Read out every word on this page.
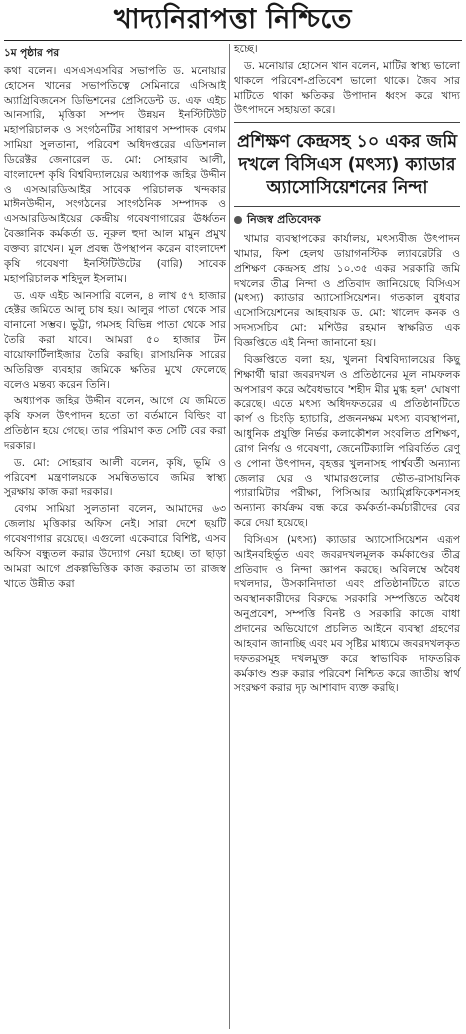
খাদ্যনিরাপত্তা নিশ্চিতে
১ম পৃষ্ঠার পর

কথা বলেন। এসএসএসবির সভাপতি ড. মনোয়ার হোসেন খানের সভাপতিত্বে সেমিনারে এসিআই অ্যাগ্রিবিজনেস ডিভিশনের প্রেসিডেন্ট ড. এফ এইচ আনসারি, মৃত্তিকা সম্পদ উন্নয়ন ইনস্টিটিউট মহাপরিচালক ও সংগঠনটির সাধারণ সম্পাদক বেগম সামিয়া সুলতানা, পরিবেশ অধিদপ্তরের এডিশনাল ডিরেক্টর জেনারেল ড. মো: সোহরাব আলী, বাংলাদেশ কৃষি বিশ্ববিদ্যালয়ের অধ্যাপক জহির উদ্দীন ও এসআরডিআইর সাবেক পরিচালক খন্দকার মাঈনউদ্দীন, সংগঠনের সাংগঠনিক সম্পাদক ও এসআরডিআইয়ের কেন্দ্রীয় গবেষণাগারের ঊর্ধ্বতন বৈজ্ঞানিক কর্মকর্তা ড. নূরুল হুদা আল মামুন প্রমুখ বক্তব্য রাখেন। মূল প্রবন্ধ উপস্থাপন করেন বাংলাদেশ কৃষি গবেষণা ইনস্টিটিউটের (বারি) সাবেক মহাপরিচালক শহিদুল ইসলাম।

ড. এফ এইচ আনসারি বলেন, ৪ লাখ ৫৭ হাজার হেক্টর জমিতে আলু চাষ হয়। আলুর পাতা থেকে সার বানানো সম্ভব। ভুট্টা, গমসহ বিভিন্ন পাতা থেকে সার তৈরি করা যাবে। আমরা ৫০ হাজার টন বায়োফার্টিলাইজার তৈরি করছি। রাসায়নিক সারের অতিরিক্ত ব্যবহার জমিকে ক্ষতির মুখে ফেলেছে বলেও মন্তব্য করেন তিনি।

অধ্যাপক জহির উদ্দীন বলেন, আগে যে জমিতে কৃষি ফসল উৎপাদন হতো তা বর্তমানে বিল্ডিং বা প্রতিষ্ঠান হয়ে গেছে। তার পরিমাণ কত সেটি বের করা দরকার।

ড. মো: সোহরাব আলী বলেন, কৃষি, ভূমি ও পরিবেশ মন্ত্রণালয়কে সমন্বিতভাবে জমির স্বাস্থ্য সুরক্ষায় কাজ করা দরকার।

বেগম সামিয়া সুলতানা বলেন, আমাদের ৬৩ জেলায় মৃত্তিকার অফিস নেই। সারা দেশে ছয়টি গবেষণাগার রয়েছে। এগুলো একেবারে বিশিষ্ট, এসব অফিস বন্ধুতল করার উদ্যোগ নেয়া হচ্ছে। তা ছাড়া আমরা আগে প্রকল্পভিত্তিক কাজ করতাম তা রাজস্ব খাতে উন্নীত করা

হচ্ছে।

ড. মনোয়ার হোসেন খান বলেন, মাটির স্বাস্থ্য ভালো থাকলে পরিবেশ-প্রতিবেশ ভালো থাকে। জৈব সার মাটিতে থাকা ক্ষতিকর উপাদান ধ্বংস করে খাদ্য উৎপাদনে সহায়তা করে।

প্রশিক্ষণ কেন্দ্রসহ ১০ একর জমি দখলে বিসিএস (মৎস্য) ক্যাডার অ্যাসোসিয়েশনের নিন্দা
নিজস্ব প্রতিবেদক

খামার ব্যবস্থাপকের কার্যালয়, মৎস্যবীজ উৎপাদন খামার, ফিশ হেলথ ডায়াগনস্টিক ল্যাবরেটরি ও প্রশিক্ষণ কেন্দ্রসহ প্রায় ১০.৩৫ একর সরকারি জমি দখলের তীব্র নিন্দা ও প্রতিবাদ জানিয়েছে বিসিএস (মৎস্য) ক্যাডার অ্যাসোসিয়েশন। গতকাল বুধবার এসোসিয়েশনের আহবায়ক ড. মো: খালেদ কনক ও সদস্যসচিব মো: মশিউর রহমান স্বাক্ষরিত এক বিজ্ঞপ্তিতে এই নিন্দা জানানো হয়।

বিজ্ঞপ্তিতে বলা হয়, খুলনা বিশ্ববিদ্যালয়ের কিছু শিক্ষার্থী দ্বারা জবরদখল ও প্রতিষ্ঠানের মূল নামফলক অপসারণ করে অবৈধভাবে 'শহীদ মীর মুগ্ধ হল' ঘোষণা করেছে। এতে মৎস্য অধিদফতরের এ প্রতিষ্ঠানটিতে কার্প ও চিংড়ি হ্যাচারি, প্রজননক্ষম মৎস্য ব্যবস্থাপনা, আধুনিক প্রযুক্তি নির্ভর কলাকৌশল সংবলিত প্রশিক্ষণ, রোগ নির্ণয় ও গবেষণা, জেনেটিক্যালি পরিবর্তিত রেণু ও পোনা উৎপাদন, বৃহত্তর খুলনাসহ পার্শ্ববর্তী অন্যান্য জেলার ঘের ও খামারগুলোর ভৌত-রাসায়নিক প্যারামিটার পরীক্ষা, পিসিআর অ্যাম্প্লিফিকেশনসহ অন্যান্য কার্যক্রম বন্ধ করে কর্মকর্তা-কর্মচারীদের বের করে দেয়া হয়েছে।

বিসিএস (মৎস্য) ক্যাডার অ্যাসোসিয়েশন এরূপ আইনবহির্ভূত এবং জবরদখলমূলক কর্মকাণ্ডের তীব্র প্রতিবাদ ও নিন্দা জ্ঞাপন করছে। অবিলম্বে অবৈধ দখলদার, উসকানিদাতা এবং প্রতিষ্ঠানটিতে রাতে অবস্থানকারীদের বিরুদ্ধে সরকারি সম্পত্তিতে অবৈধ অনুপ্রবেশ, সম্পত্তি বিনষ্ট ও সরকারি কাজে বাধা প্রদানের অভিযোগে প্রচলিত আইনে ব্যবস্থা গ্রহণের আহবান জানাচ্ছি এবং মব সৃষ্টির মাধ্যমে জবরদখলকৃত দফতরসমূহ দখলমুক্ত করে স্বাভাবিক দাফতরিক কর্মকাণ্ড শুরু করার পরিবেশ নিশ্চিত করে জাতীয় স্বার্থ সংরক্ষণ করার দৃঢ় আশাবাদ ব্যক্ত করছি।
